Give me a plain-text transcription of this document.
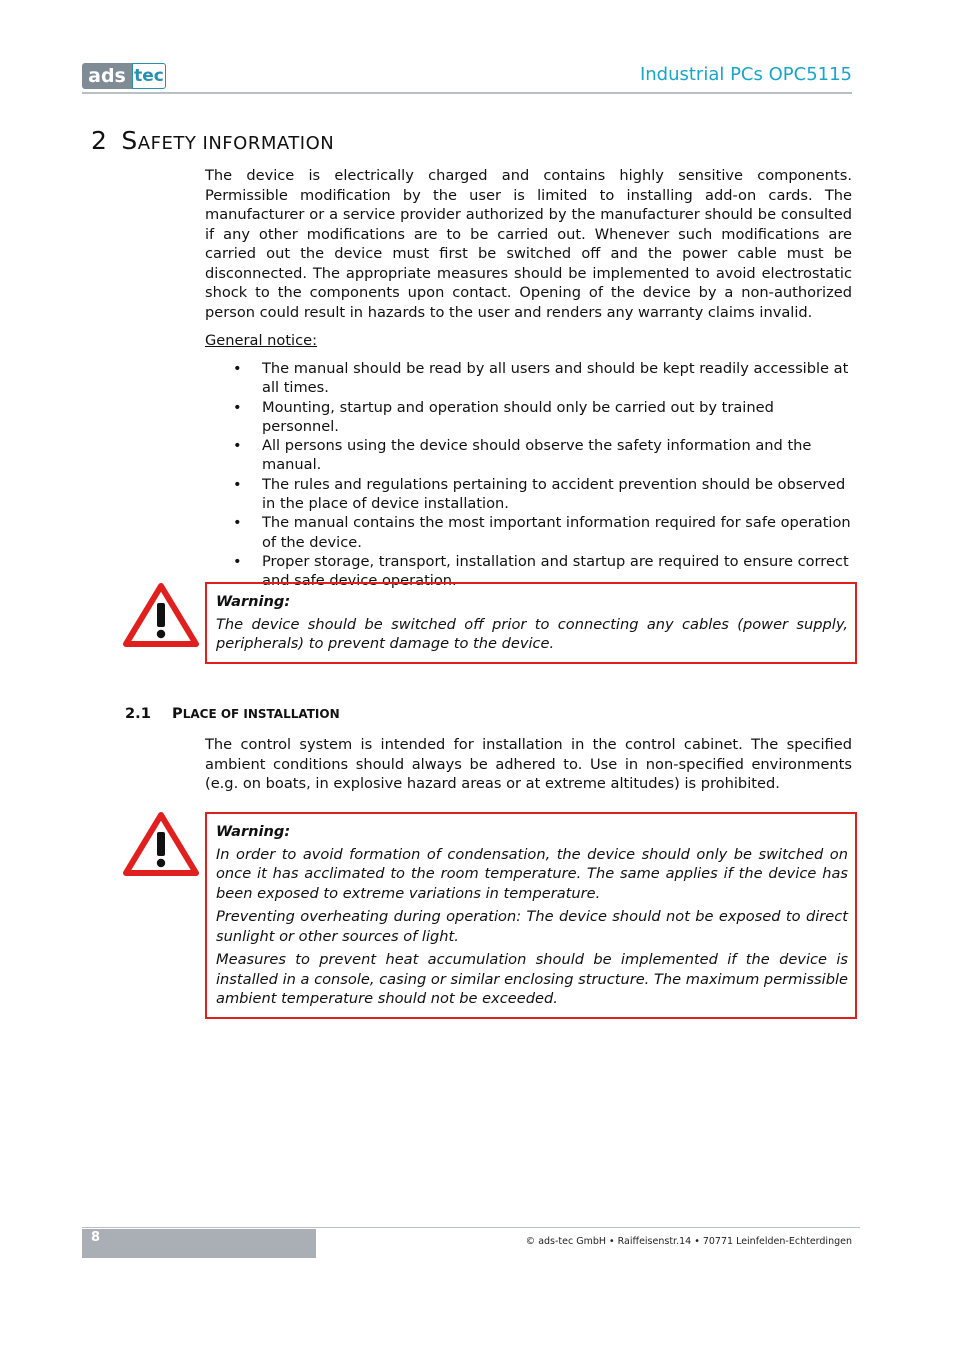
ads tec	Industrial PCs OPC5115
2 SAFETY INFORMATION
The device is electrically charged and contains highly sensitive components. Permissible modification by the user is limited to installing add-on cards. The manufacturer or a service provider authorized by the manufacturer should be consulted if any other modifications are to be carried out. Whenever such modifications are carried out the device must first be switched off and the power cable must be disconnected. The appropriate measures should be implemented to avoid electrostatic shock to the components upon contact. Opening of the device by a non-authorized person could result in hazards to the user and renders any warranty claims invalid.
General notice:
• The manual should be read by all users and should be kept readily accessible at all times.
• Mounting, startup and operation should only be carried out by trained personnel.
• All persons using the device should observe the safety information and the manual.
• The rules and regulations pertaining to accident prevention should be observed in the place of device installation.
• The manual contains the most important information required for safe operation of the device.
• Proper storage, transport, installation and startup are required to ensure correct and safe device operation.
Warning:

The device should be switched off prior to connecting any cables (power supply, peripherals) to prevent damage to the device.

2.1 PLACE OF INSTALLATION
The control system is intended for installation in the control cabinet. The specified ambient conditions should always be adhered to. Use in non-specified environments (e.g. on boats, in explosive hazard areas or at extreme altitudes) is prohibited.
Warning:

In order to avoid formation of condensation, the device should only be switched on once it has acclimated to the room temperature. The same applies if the device has been exposed to extreme variations in temperature.

Preventing overheating during operation: The device should not be exposed to direct sunlight or other sources of light.

Measures to prevent heat accumulation should be implemented if the device is installed in a console, casing or similar enclosing structure. The maximum permissible ambient temperature should not be exceeded.

8	© ads-tec GmbH • Raiffeisenstr.14 • 70771 Leinfelden-Echterdingen
